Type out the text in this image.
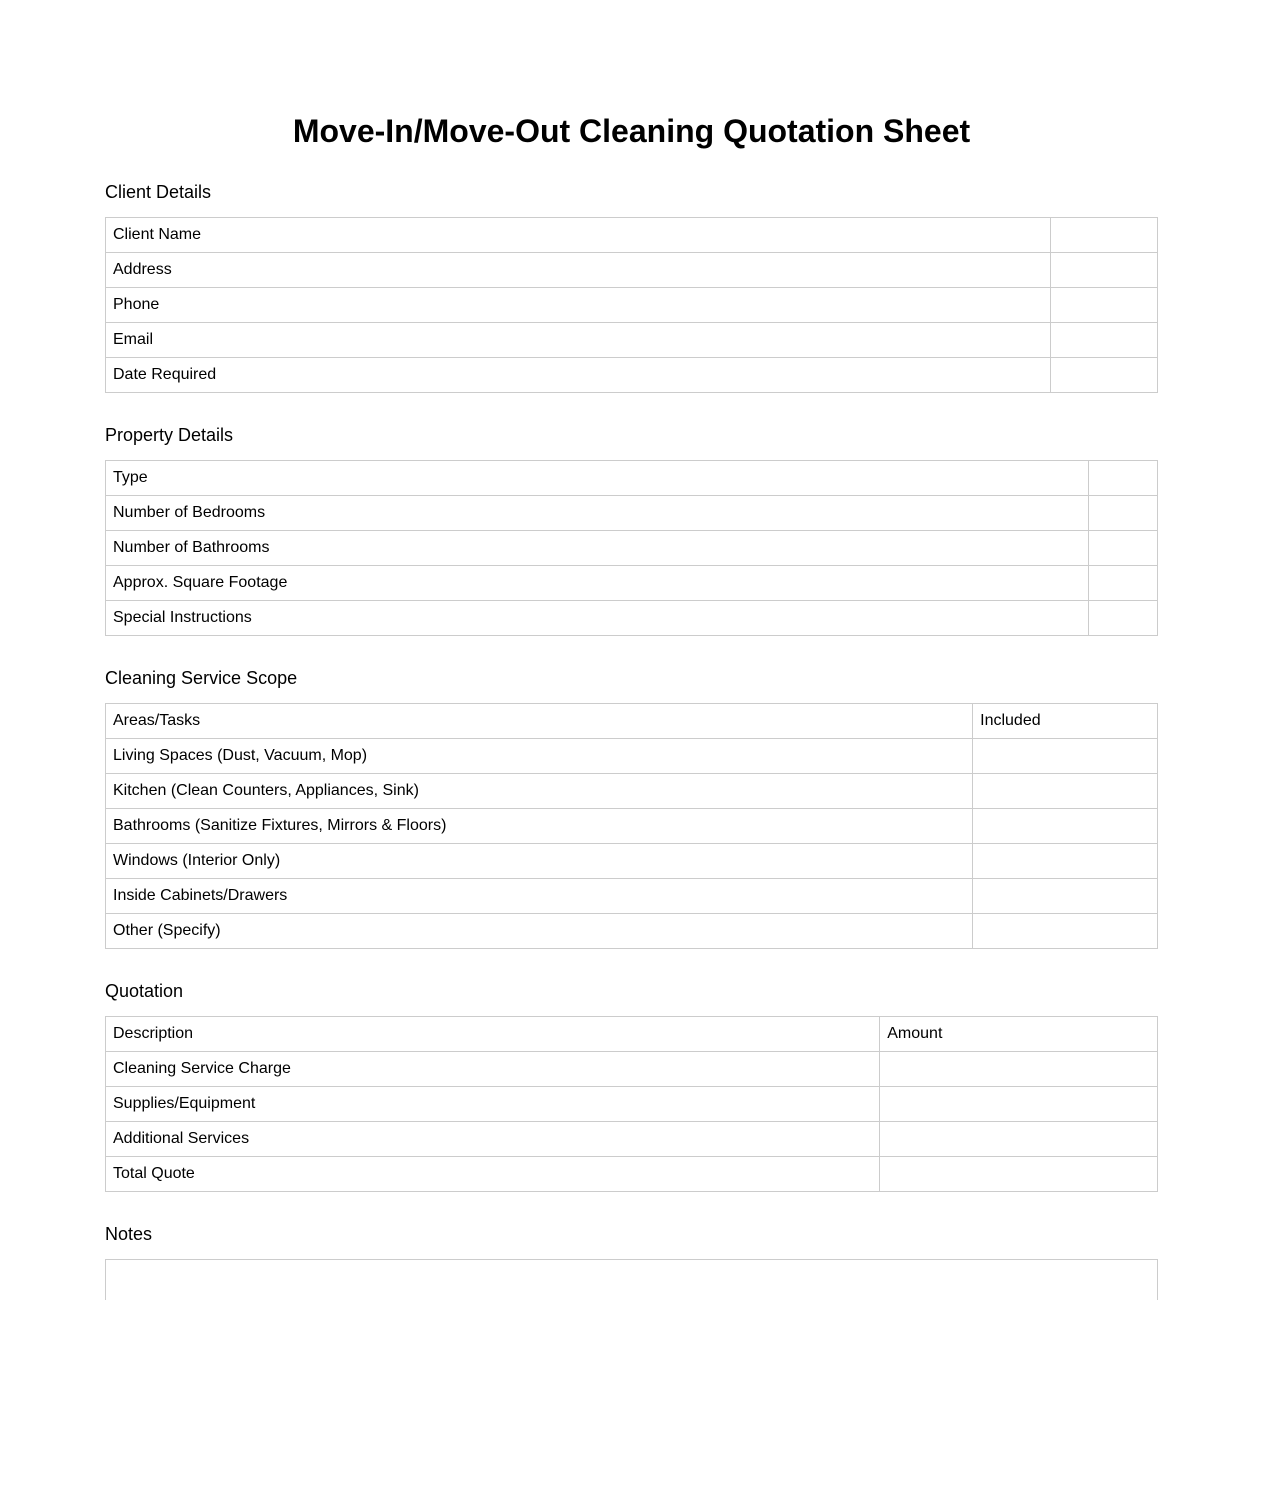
Move-In/Move-Out Cleaning Quotation Sheet
Client Details
Client Name	
Address	
Phone	
Email	
Date Required	
Property Details
Type	
Number of Bedrooms	
Number of Bathrooms	
Approx. Square Footage	
Special Instructions	
Cleaning Service Scope
Areas/Tasks	Included
Living Spaces (Dust, Vacuum, Mop)	
Kitchen (Clean Counters, Appliances, Sink)	
Bathrooms (Sanitize Fixtures, Mirrors & Floors)	
Windows (Interior Only)	
Inside Cabinets/Drawers	
Other (Specify)	
Quotation
Description	Amount
Cleaning Service Charge	
Supplies/Equipment	
Additional Services	
Total Quote	
Notes
